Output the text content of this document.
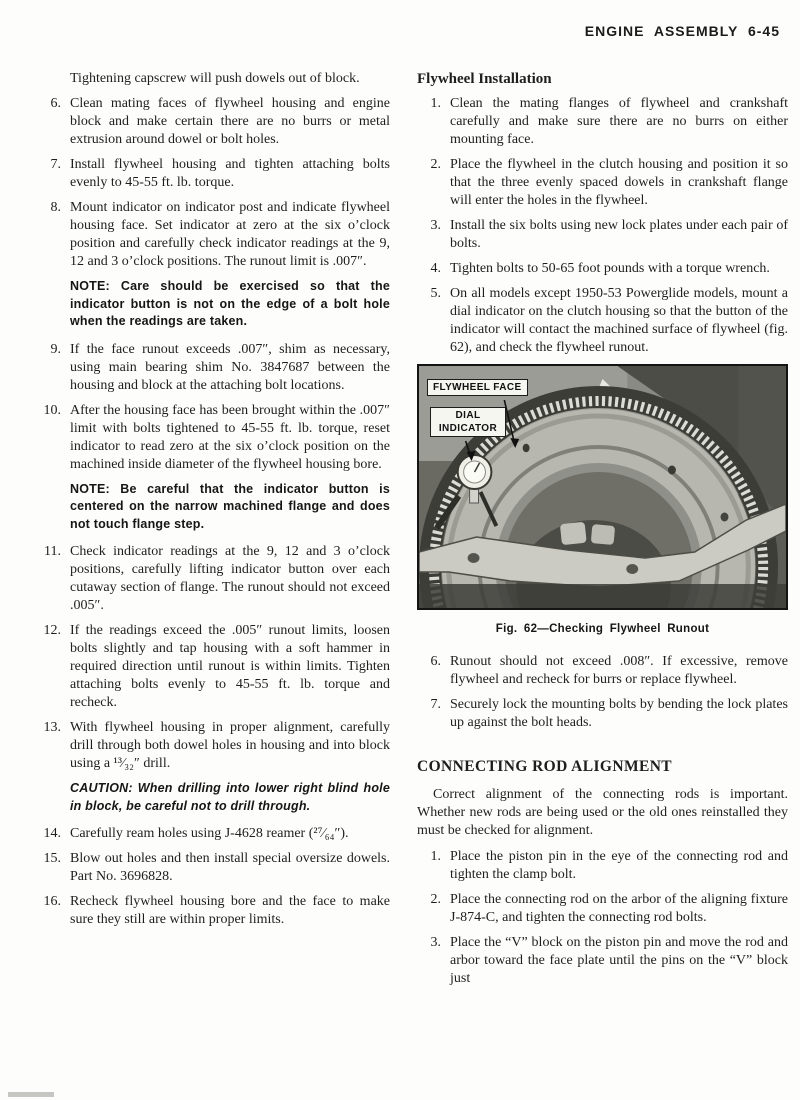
ENGINE ASSEMBLY 6-45

Tightening capscrew will push dowels out of block.

6. Clean mating faces of flywheel housing and engine block and make certain there are no burrs or metal extrusion around dowel or bolt holes.
7. Install flywheel housing and tighten attaching bolts evenly to 45-55 ft. lb. torque.
8. Mount indicator on indicator post and indicate flywheel housing face. Set indicator at zero at the six o’clock position and carefully check indicator readings at the 9, 12 and 3 o’clock positions. The runout limit is .007″.

NOTE: Care should be exercised so that the indicator button is not on the edge of a bolt hole when the readings are taken.

9. If the face runout exceeds .007″, shim as necessary, using main bearing shim No. 3847687 between the housing and block at the attaching bolt locations.
10. After the housing face has been brought within the .007″ limit with bolts tightened to 45-55 ft. lb. torque, reset indicator to read zero at the six o’clock position on the machined inside diameter of the flywheel housing bore.

NOTE: Be careful that the indicator button is centered on the narrow machined flange and does not touch flange step.

11. Check indicator readings at the 9, 12 and 3 o’clock positions, carefully lifting indicator button over each cutaway section of flange. The runout should not exceed .005″.
12. If the readings exceed the .005″ runout limits, loosen bolts slightly and tap housing with a soft hammer in required direction until runout is within limits. Tighten attaching bolts evenly to 45-55 ft. lb. torque and recheck.
13. With flywheel housing in proper alignment, carefully drill through both dowel holes in housing and into block using a ¹³⁄₃₂″ drill.

CAUTION: When drilling into lower right blind hole in block, be careful not to drill through.

14. Carefully ream holes using J-4628 reamer (²⁷⁄₆₄″).
15. Blow out holes and then install special oversize dowels. Part No. 3696828.
16. Recheck flywheel housing bore and the face to make sure they still are within proper limits.
Flywheel Installation
1. Clean the mating flanges of flywheel and crankshaft carefully and make sure there are no burrs on either mounting face.
2. Place the flywheel in the clutch housing and position it so that the three evenly spaced dowels in crankshaft flange will enter the holes in the flywheel.
3. Install the six bolts using new lock plates under each pair of bolts.
4. Tighten bolts to 50-65 foot pounds with a torque wrench.
5. On all models except 1950-53 Powerglide models, mount a dial indicator on the clutch housing so that the button of the indicator will contact the machined surface of flywheel (fig. 62), and check the flywheel runout.
FLYWHEEL FACE
DIAL INDICATOR
Fig. 62—Checking Flywheel Runout
6. Runout should not exceed .008″. If excessive, remove flywheel and recheck for burrs or replace flywheel.
7. Securely lock the mounting bolts by bending the lock plates up against the bolt heads.
CONNECTING ROD ALIGNMENT

Correct alignment of the connecting rods is important. Whether new rods are being used or the old ones reinstalled they must be checked for alignment.

1. Place the piston pin in the eye of the connecting rod and tighten the clamp bolt.
2. Place the connecting rod on the arbor of the aligning fixture J-874-C, and tighten the connecting rod bolts.
3. Place the “V” block on the piston pin and move the rod and arbor toward the face plate until the pins on the “V” block just
